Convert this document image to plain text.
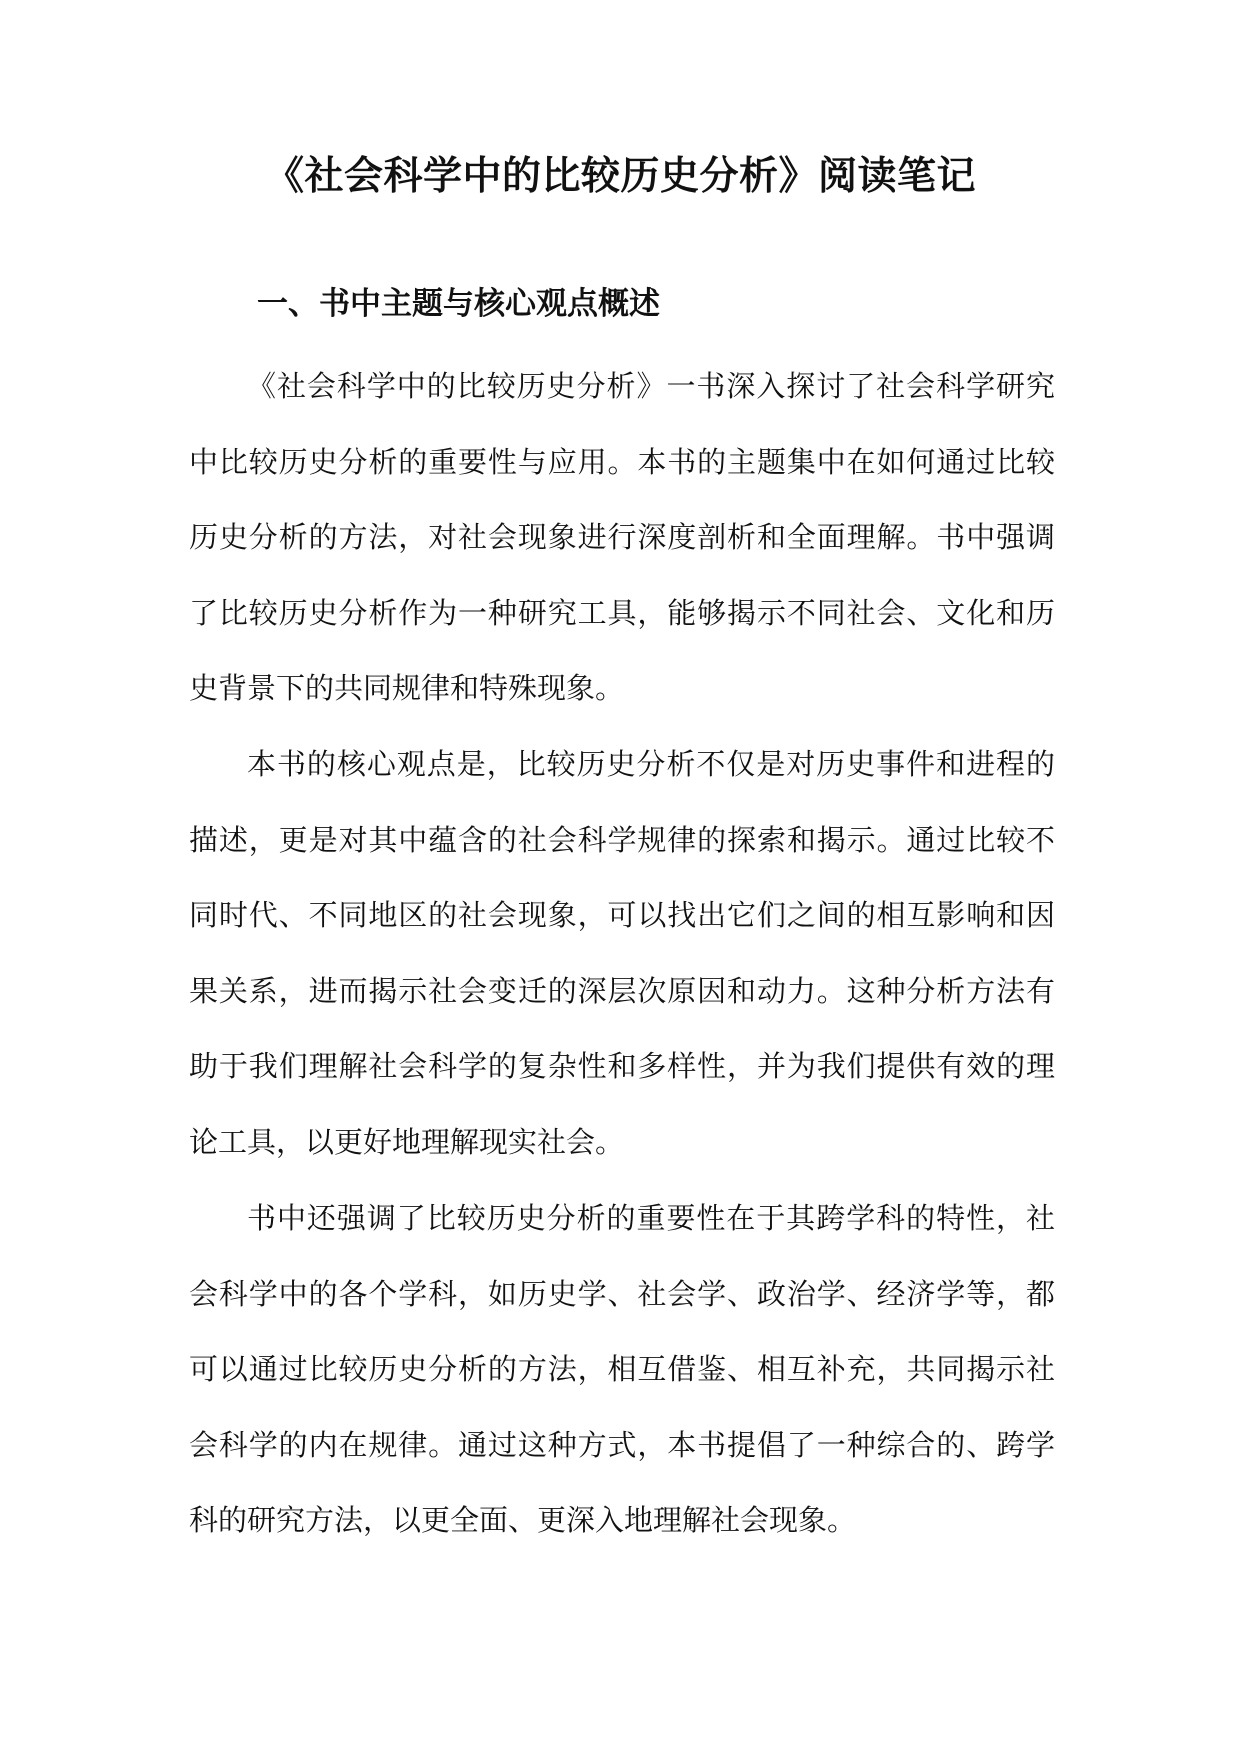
《社会科学中的比较历史分析》阅读笔记
一、书中主题与核心观点概述

《社会科学中的比较历史分析》一书深入探讨了社会科学研究中比较历史分析的重要性与应用。本书的主题集中在如何通过比较历史分析的方法，对社会现象进行深度剖析和全面理解。书中强调了比较历史分析作为一种研究工具，能够揭示不同社会、文化和历史背景下的共同规律和特殊现象。

本书的核心观点是，比较历史分析不仅是对历史事件和进程的描述，更是对其中蕴含的社会科学规律的探索和揭示。通过比较不同时代、不同地区的社会现象，可以找出它们之间的相互影响和因果关系，进而揭示社会变迁的深层次原因和动力。这种分析方法有助于我们理解社会科学的复杂性和多样性，并为我们提供有效的理论工具，以更好地理解现实社会。

书中还强调了比较历史分析的重要性在于其跨学科的特性，社会科学中的各个学科，如历史学、社会学、政治学、经济学等，都可以通过比较历史分析的方法，相互借鉴、相互补充，共同揭示社会科学的内在规律。通过这种方式，本书提倡了一种综合的、跨学科的研究方法，以更全面、更深入地理解社会现象。
